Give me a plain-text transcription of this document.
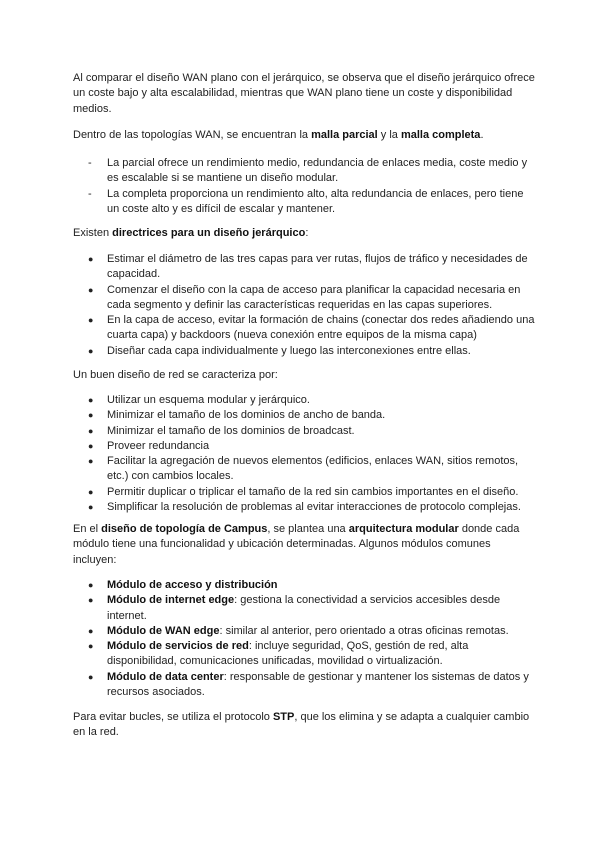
Al comparar el diseño WAN plano con el jerárquico, se observa que el diseño jerárquico ofrece un coste bajo y alta escalabilidad, mientras que WAN plano tiene un coste y disponibilidad medios.

Dentro de las topologías WAN, se encuentran la malla parcial y la malla completa.

-	La parcial ofrece un rendimiento medio, redundancia de enlaces media, coste medio y es escalable si se mantiene un diseño modular.
-	La completa proporciona un rendimiento alto, alta redundancia de enlaces, pero tiene un coste alto y es difícil de escalar y mantener.

Existen directrices para un diseño jerárquico:

●	Estimar el diámetro de las tres capas para ver rutas, flujos de tráfico y necesidades de capacidad.
●	Comenzar el diseño con la capa de acceso para planificar la capacidad necesaria en cada segmento y definir las características requeridas en las capas superiores.
●	En la capa de acceso, evitar la formación de chains (conectar dos redes añadiendo una cuarta capa) y backdoors (nueva conexión entre equipos de la misma capa)
●	Diseñar cada capa individualmente y luego las interconexiones entre ellas.

Un buen diseño de red se caracteriza por:

●	Utilizar un esquema modular y jerárquico.
●	Minimizar el tamaño de los dominios de ancho de banda.
●	Minimizar el tamaño de los dominios de broadcast.
●	Proveer redundancia
●	Facilitar la agregación de nuevos elementos (edificios, enlaces WAN, sitios remotos, etc.) con cambios locales.
●	Permitir duplicar o triplicar el tamaño de la red sin cambios importantes en el diseño.
●	Simplificar la resolución de problemas al evitar interacciones de protocolo complejas.

En el diseño de topología de Campus, se plantea una arquitectura modular donde cada módulo tiene una funcionalidad y ubicación determinadas. Algunos módulos comunes incluyen:

●	Módulo de acceso y distribución
●	Módulo de internet edge: gestiona la conectividad a servicios accesibles desde internet.
●	Módulo de WAN edge: similar al anterior, pero orientado a otras oficinas remotas.
●	Módulo de servicios de red: incluye seguridad, QoS, gestión de red, alta disponibilidad, comunicaciones unificadas, movilidad o virtualización.
●	Módulo de data center: responsable de gestionar y mantener los sistemas de datos y recursos asociados.

Para evitar bucles, se utiliza el protocolo STP, que los elimina y se adapta a cualquier cambio en la red.
